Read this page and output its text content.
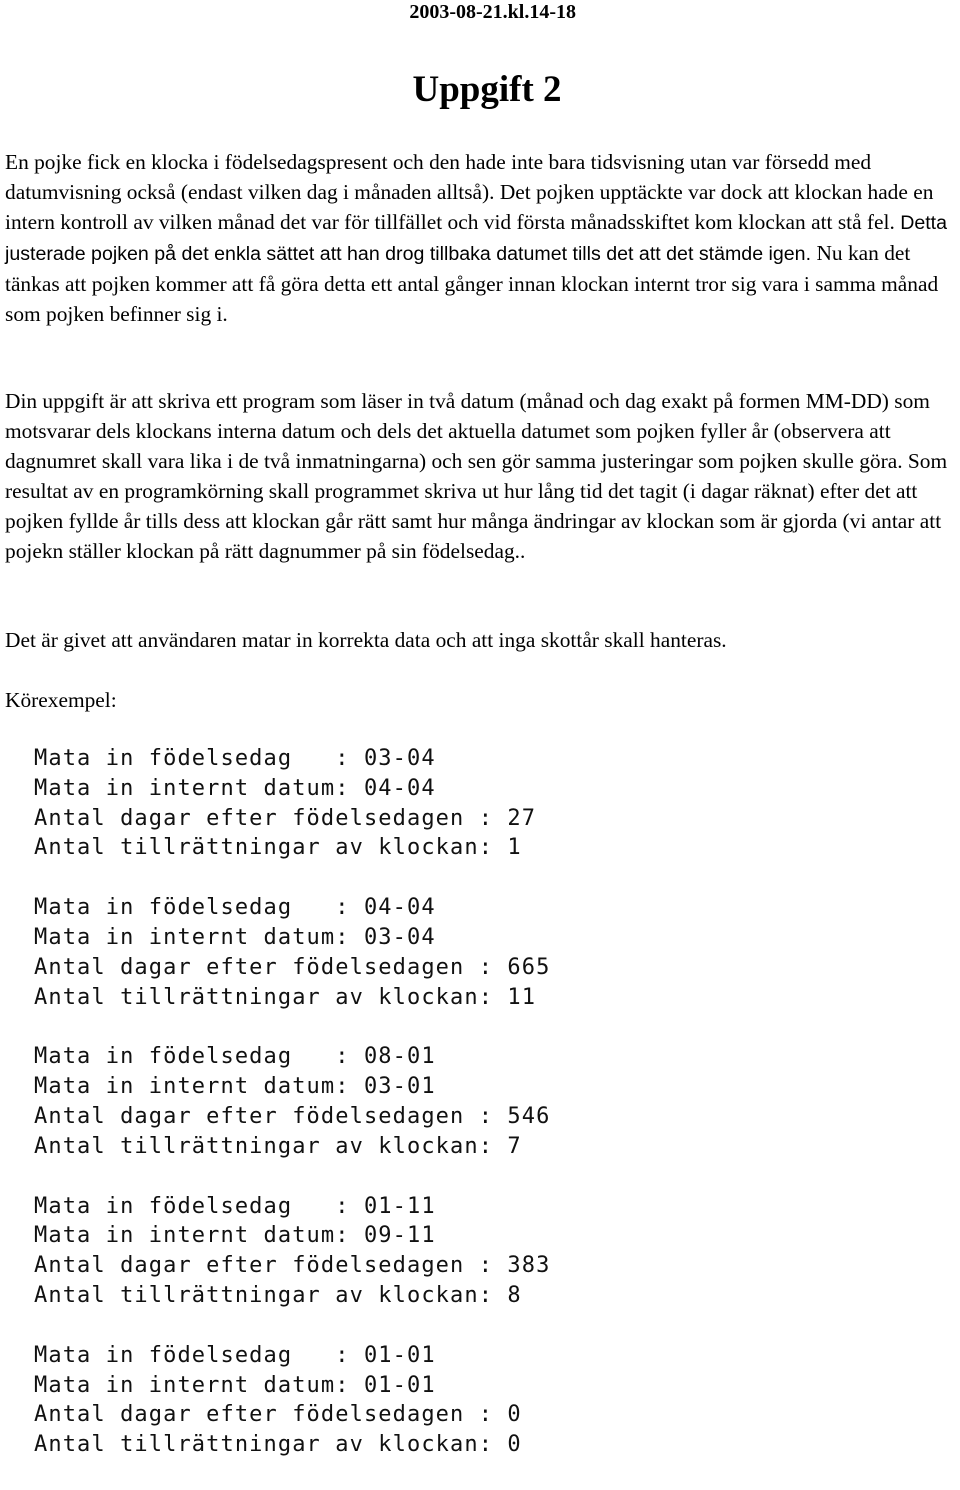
2003-08-21.kl.14-18
Uppgift 2

En pojke fick en klocka i födelsedagspresent och den hade inte bara tidsvisning utan var försedd med datumvisning också (endast vilken dag i månaden alltså). Det pojken upptäckte var dock att klockan hade en intern kontroll av vilken månad det var för tillfället och vid första månadsskiftet kom klockan att stå fel. Detta justerade pojken på det enkla sättet att han drog tillbaka datumet tills det att det stämde igen. Nu kan det tänkas att pojken kommer att få göra detta ett antal gånger innan klockan internt tror sig vara i samma månad som pojken befinner sig i.

Din uppgift är att skriva ett program som läser in två datum (månad och dag exakt på formen MM-DD) som motsvarar dels klockans interna datum och dels det aktuella datumet som pojken fyller år (observera att dagnumret skall vara lika i de två inmatningarna) och sen gör samma justeringar som pojken skulle göra. Som resultat av en programkörning skall programmet skriva ut hur lång tid det tagit (i dagar räknat) efter det att pojken fyllde år tills dess att klockan går rätt samt hur många ändringar av klockan som är gjorda (vi antar att pojekn ställer klockan på rätt dagnummer på sin födelsedag..

Det är givet att användaren matar in korrekta data och att inga skottår skall hanteras.

Körexempel:

Mata in födelsedag   : 03-04
Mata in internt datum: 04-04
Antal dagar efter födelsedagen : 27
Antal tillrättningar av klockan: 1
Mata in födelsedag   : 04-04
Mata in internt datum: 03-04
Antal dagar efter födelsedagen : 665
Antal tillrättningar av klockan: 11
Mata in födelsedag   : 08-01
Mata in internt datum: 03-01
Antal dagar efter födelsedagen : 546
Antal tillrättningar av klockan: 7
Mata in födelsedag   : 01-11
Mata in internt datum: 09-11
Antal dagar efter födelsedagen : 383
Antal tillrättningar av klockan: 8
Mata in födelsedag   : 01-01
Mata in internt datum: 01-01
Antal dagar efter födelsedagen : 0
Antal tillrättningar av klockan: 0
